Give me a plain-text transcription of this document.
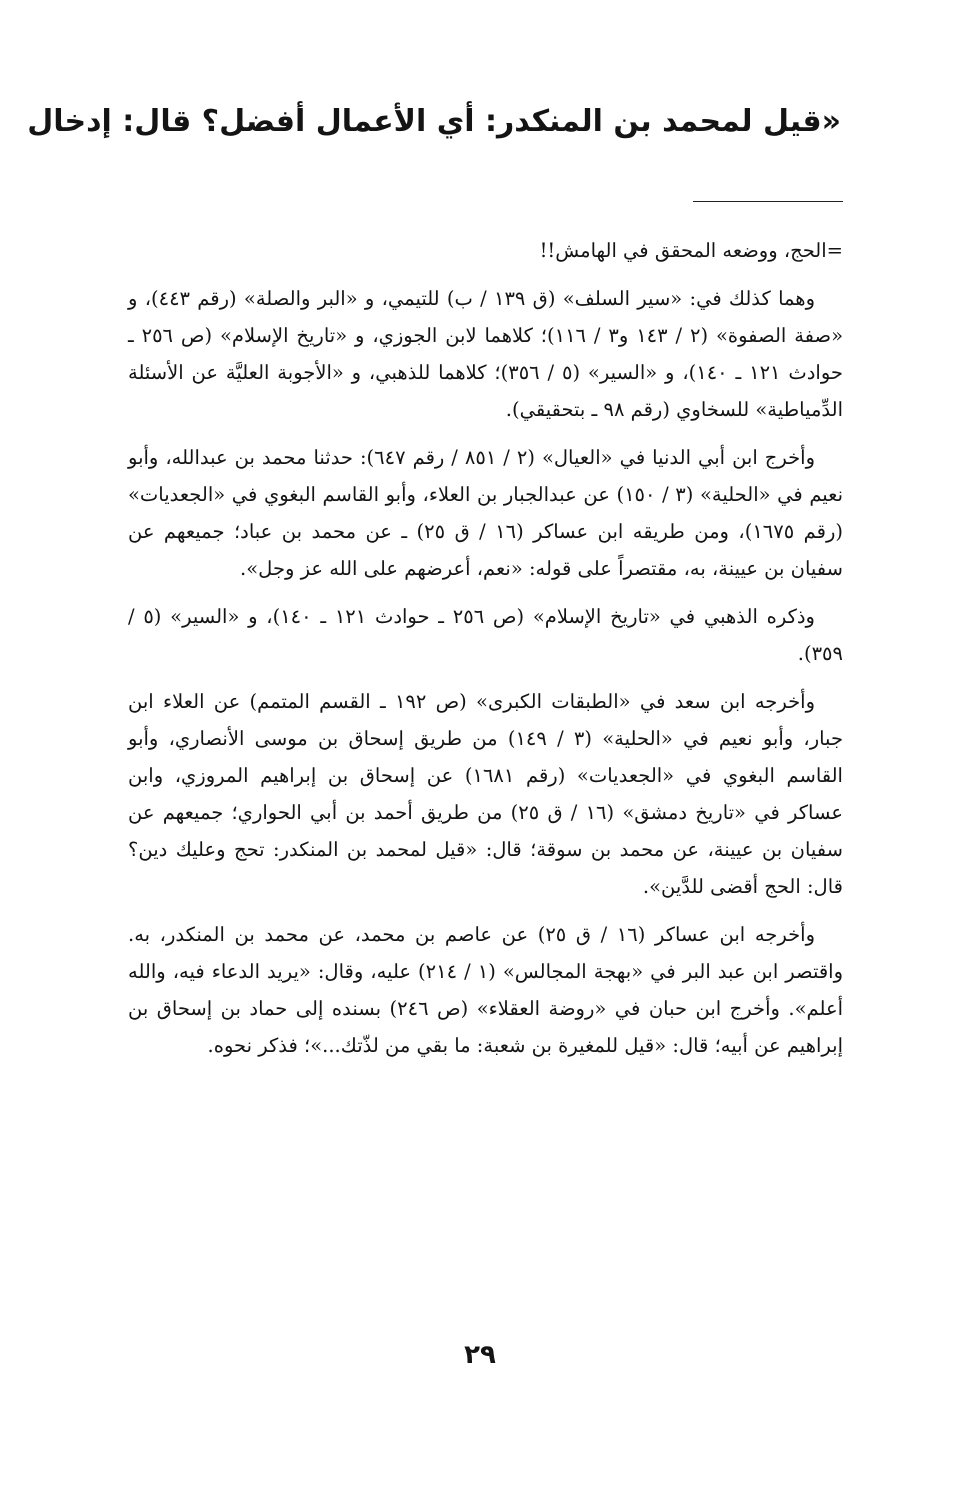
«قيل لمحمد بن المنكدر: أي الأعمال أفضل؟ قال: إدخال

=الحج، ووضعه المحقق في الهامش!!

وهما كذلك في: «سير السلف» (ق ١٣٩ / ب) للتيمي، و «البر والصلة» (رقم ٤٤٣)، و «صفة الصفوة» (٢ / ١٤٣ و٣ / ١١٦)؛ كلاهما لابن الجوزي، و «تاريخ الإسلام» (ص ٢٥٦ ـ حوادث ١٢١ ـ ١٤٠)، و «السير» (٥ / ٣٥٦)؛ كلاهما للذهبي، و «الأجوبة العليَّة عن الأسئلة الدِّمياطية» للسخاوي (رقم ٩٨ ـ بتحقيقي).

وأخرج ابن أبي الدنيا في «العيال» (٢ / ٨٥١ / رقم ٦٤٧): حدثنا محمد بن عبدالله، وأبو نعيم في «الحلية» (٣ / ١٥٠) عن عبدالجبار بن العلاء، وأبو القاسم البغوي في «الجعديات» (رقم ١٦٧٥)، ومن طريقه ابن عساكر (١٦ / ق ٢٥) ـ عن محمد بن عباد؛ جميعهم عن سفيان بن عيينة، به، مقتصراً على قوله: «نعم، أعرضهم على الله عز وجل».

وذكره الذهبي في «تاريخ الإسلام» (ص ٢٥٦ ـ حوادث ١٢١ ـ ١٤٠)، و «السير» (٥ / ٣٥٩).

وأخرجه ابن سعد في «الطبقات الكبرى» (ص ١٩٢ ـ القسم المتمم) عن العلاء ابن جبار، وأبو نعيم في «الحلية» (٣ / ١٤٩) من طريق إسحاق بن موسى الأنصاري، وأبو القاسم البغوي في «الجعديات» (رقم ١٦٨١) عن إسحاق بن إبراهيم المروزي، وابن عساكر في «تاريخ دمشق» (١٦ / ق ٢٥) من طريق أحمد بن أبي الحواري؛ جميعهم عن سفيان بن عيينة، عن محمد بن سوقة؛ قال: «قيل لمحمد بن المنكدر: تحج وعليك دين؟ قال: الحج أقضى للدَّين».

وأخرجه ابن عساكر (١٦ / ق ٢٥) عن عاصم بن محمد، عن محمد بن المنكدر، به. واقتصر ابن عبد البر في «بهجة المجالس» (١ / ٢١٤) عليه، وقال: «يريد الدعاء فيه، والله أعلم». وأخرج ابن حبان في «روضة العقلاء» (ص ٢٤٦) بسنده إلى حماد بن إسحاق بن إبراهيم عن أبيه؛ قال: «قيل للمغيرة بن شعبة: ما بقي من لذّتك...»؛ فذكر نحوه.

٢٩
